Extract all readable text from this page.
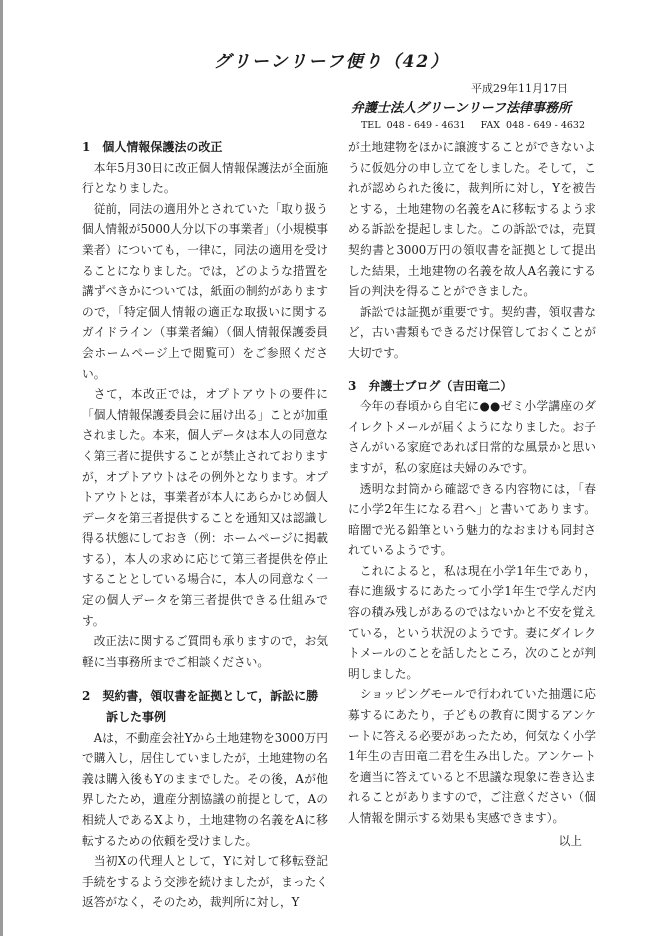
グリーンリーフ便り（42）
平成29年11月17日
弁護士法人グリーンリーフ法律事務所
TEL  048 - 649 - 4631     FAX  048 - 649 - 4632
1　個人情報保護法の改正

本年5月30日に改正個人情報保護法が全面施行となりました。

従前，同法の適用外とされていた「取り扱う個人情報が5000人分以下の事業者」（小規模事業者）についても，一律に，同法の適用を受けることになりました。では，どのような措置を講ずべきかについては，紙面の制約がありますので，「特定個人情報の適正な取扱いに関するガイドライン（事業者編）（個人情報保護委員会ホームページ上で閲覧可）をご参照ください。

さて，本改正では，オプトアウトの要件に「個人情報保護委員会に届け出る」ことが加重されました。本来，個人データは本人の同意なく第三者に提供することが禁止されておりますが，オプトアウトはその例外となります。オプトアウトとは，事業者が本人にあらかじめ個人データを第三者提供することを通知又は認識し得る状態にしておき（例：ホームページに掲載する），本人の求めに応じて第三者提供を停止することとしている場合に，本人の同意なく一定の個人データを第三者提供できる仕組みです。

改正法に関するご質問も承りますので，お気軽に当事務所までご相談ください。

2　契約書，領収書を証拠として，訴訟に勝訴した事例

Aは，不動産会社Yから土地建物を3000万円で購入し，居住していましたが，土地建物の名義は購入後もYのままでした。その後，Aが他界したため，遺産分割協議の前提として，Aの相続人であるXより，土地建物の名義をAに移転するための依頼を受けました。

当初Xの代理人として，Yに対して移転登記手続をするよう交渉を続けましたが，まったく返答がなく，そのため，裁判所に対し，Y

が土地建物をほかに譲渡することができないように仮処分の申し立てをしました。そして，これが認められた後に，裁判所に対し，Yを被告とする，土地建物の名義をAに移転するよう求める訴訟を提起しました。この訴訟では，売買契約書と3000万円の領収書を証拠として提出した結果，土地建物の名義を故人A名義にする旨の判決を得ることができました。

訴訟では証拠が重要です。契約書，領収書など，古い書類もできるだけ保管しておくことが大切です。

3　弁護士ブログ（吉田竜二）

今年の春頃から自宅に●●ゼミ小学講座のダイレクトメールが届くようになりました。お子さんがいる家庭であれば日常的な風景かと思いますが，私の家庭は夫婦のみです。

透明な封筒から確認できる内容物には，「春に小学2年生になる君へ」と書いてあります。暗闇で光る鉛筆という魅力的なおまけも同封されているようです。

これによると，私は現在小学1年生であり，春に進級するにあたって小学1年生で学んだ内容の積み残しがあるのではないかと不安を覚えている，という状況のようです。妻にダイレクトメールのことを話したところ，次のことが判明しました。

ショッピングモールで行われていた抽選に応募するにあたり，子どもの教育に関するアンケートに答える必要があったため，何気なく小学1年生の吉田竜二君を生み出した。アンケートを適当に答えていると不思議な現象に巻き込まれることがありますので，ご注意ください（個人情報を開示する効果も実感できます）。

以上
